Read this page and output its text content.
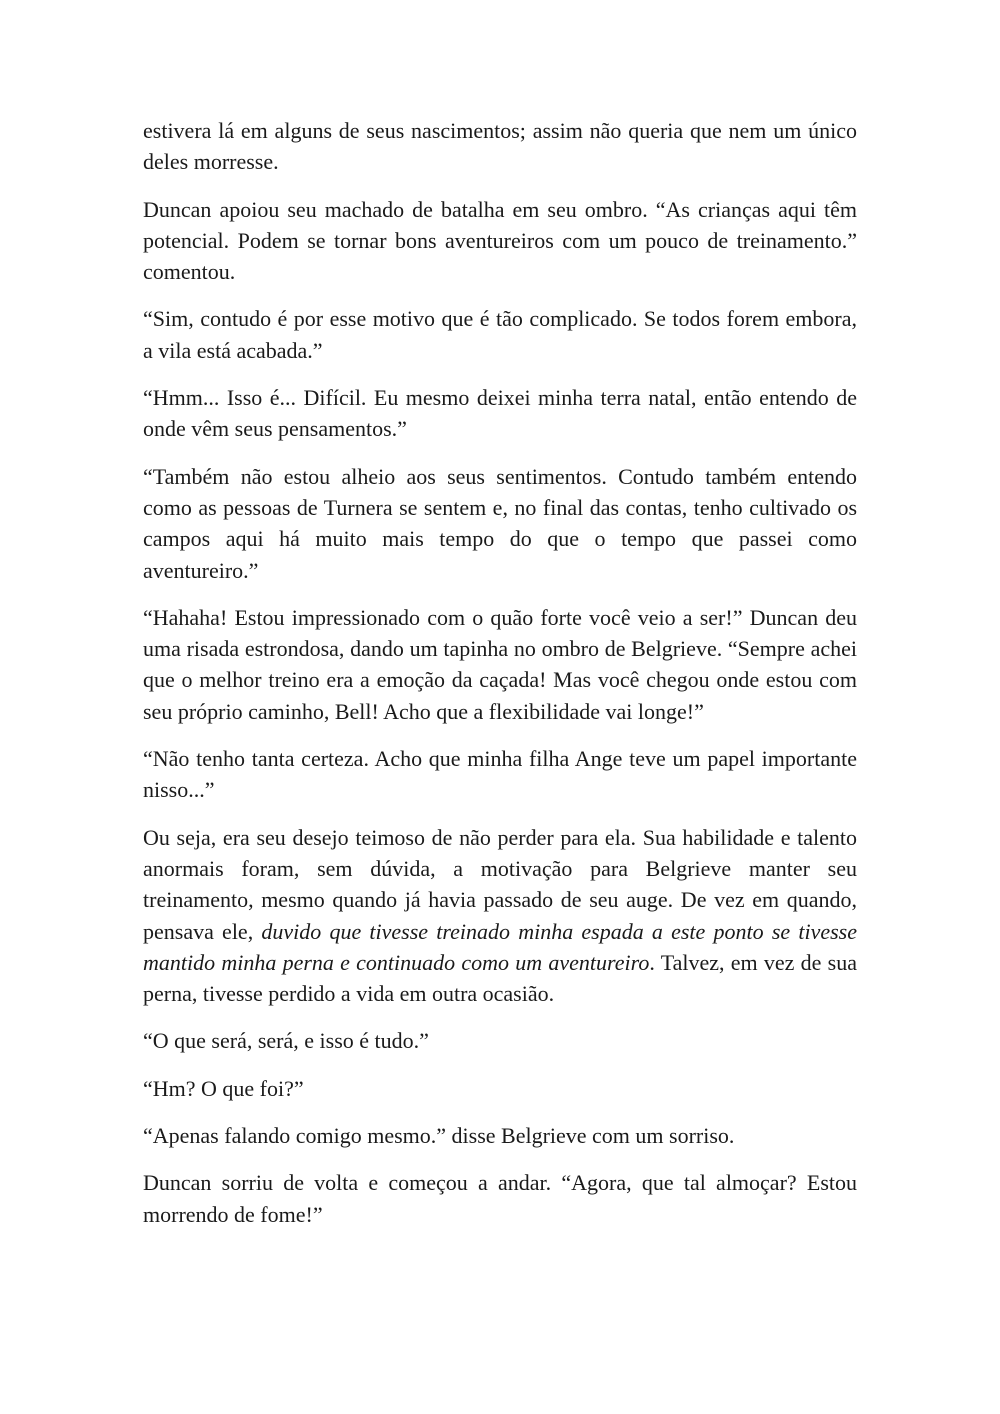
estivera lá em alguns de seus nascimentos; assim não queria que nem um único deles morresse.

Duncan apoiou seu machado de batalha em seu ombro. “As crianças aqui têm potencial. Podem se tornar bons aventureiros com um pouco de treinamento.” comentou.

“Sim, contudo é por esse motivo que é tão complicado. Se todos forem embora, a vila está acabada.”

“Hmm... Isso é... Difícil. Eu mesmo deixei minha terra natal, então entendo de onde vêm seus pensamentos.”

“Também não estou alheio aos seus sentimentos. Contudo também entendo como as pessoas de Turnera se sentem e, no final das contas, tenho cultivado os campos aqui há muito mais tempo do que o tempo que passei como aventureiro.”

“Hahaha! Estou impressionado com o quão forte você veio a ser!” Duncan deu uma risada estrondosa, dando um tapinha no ombro de Belgrieve. “Sempre achei que o melhor treino era a emoção da caçada! Mas você chegou onde estou com seu próprio caminho, Bell! Acho que a flexibilidade vai longe!”

“Não tenho tanta certeza. Acho que minha filha Ange teve um papel importante nisso...”

Ou seja, era seu desejo teimoso de não perder para ela. Sua habilidade e talento anormais foram, sem dúvida, a motivação para Belgrieve manter seu treinamento, mesmo quando já havia passado de seu auge. De vez em quando, pensava ele, duvido que tivesse treinado minha espada a este ponto se tivesse mantido minha perna e continuado como um aventureiro. Talvez, em vez de sua perna, tivesse perdido a vida em outra ocasião.

“O que será, será, e isso é tudo.”

“Hm? O que foi?”

“Apenas falando comigo mesmo.” disse Belgrieve com um sorriso.

Duncan sorriu de volta e começou a andar. “Agora, que tal almoçar? Estou morrendo de fome!”
